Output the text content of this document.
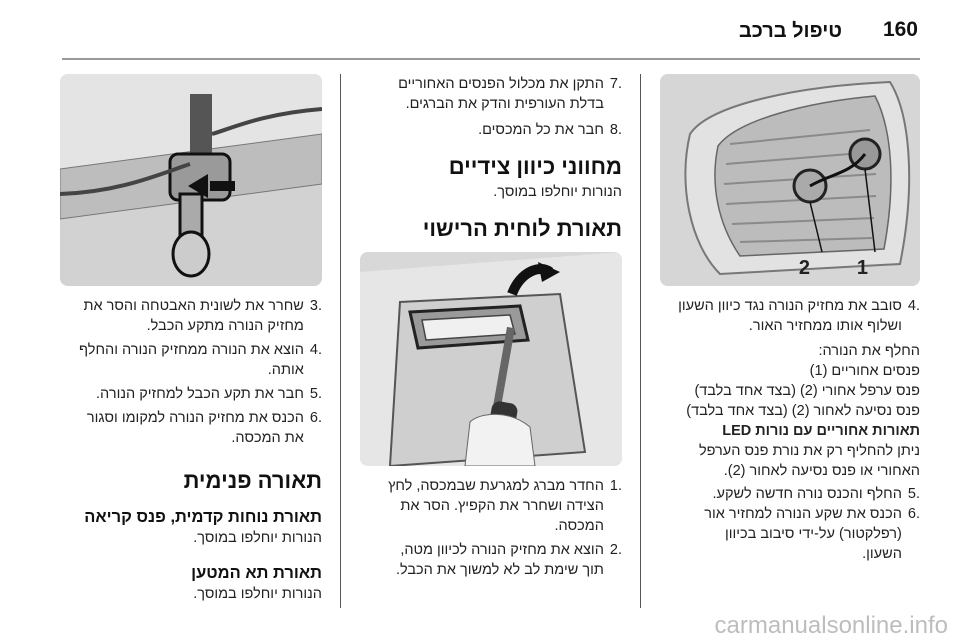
160
טיפול ברכב
1
2
.4
סובב את מחזיק הנורה נגד כיוון השעון
ושלוף אותו ממחזיר האור.
החלף את הנורה:
פנסים אחוריים (1)
פנס ערפל אחורי (2) (בצד אחד בלבד)
פנס נסיעה לאחור (2) (בצד אחד בלבד)
תאורות אחוריים עם נורות LED
ניתן להחליף רק את נורת פנס הערפל
האחורי או פנס נסיעה לאחור (2).
.5
החלף והכנס נורה חדשה לשקע.
.6
הכנס את שקע הנורה למחזיר אור
(רפלקטור) על-ידי סיבוב בכיוון
השעון.
.7
התקן את מכלול הפנסים האחוריים
בדלת העורפית והדק את הברגים.
.8
חבר את כל המכסים.
מחווני כיוון צידיים
הנורות יוחלפו במוסך.
תאורת לוחית הרישוי
.1
החדר מברג למגרעת שבמכסה, לחץ
הצידה ושחרר את הקפיץ. הסר את
המכסה.
.2
הוצא את מחזיק הנורה לכיוון מטה,
תוך שימת לב לא למשוך את הכבל.
.3
שחרר את לשונית האבטחה והסר את
מחזיק הנורה מתקע הכבל.
.4
הוצא את הנורה ממחזיק הנורה והחלף
אותה.
.5
חבר את תקע הכבל למחזיק הנורה.
.6
הכנס את מחזיק הנורה למקומו וסגור
את המכסה.
תאורה פנימית
תאורת נוחות קדמית, פנס קריאה
הנורות יוחלפו במוסך.
תאורת תא המטען
הנורות יוחלפו במוסך.
carmanualsonline.info
